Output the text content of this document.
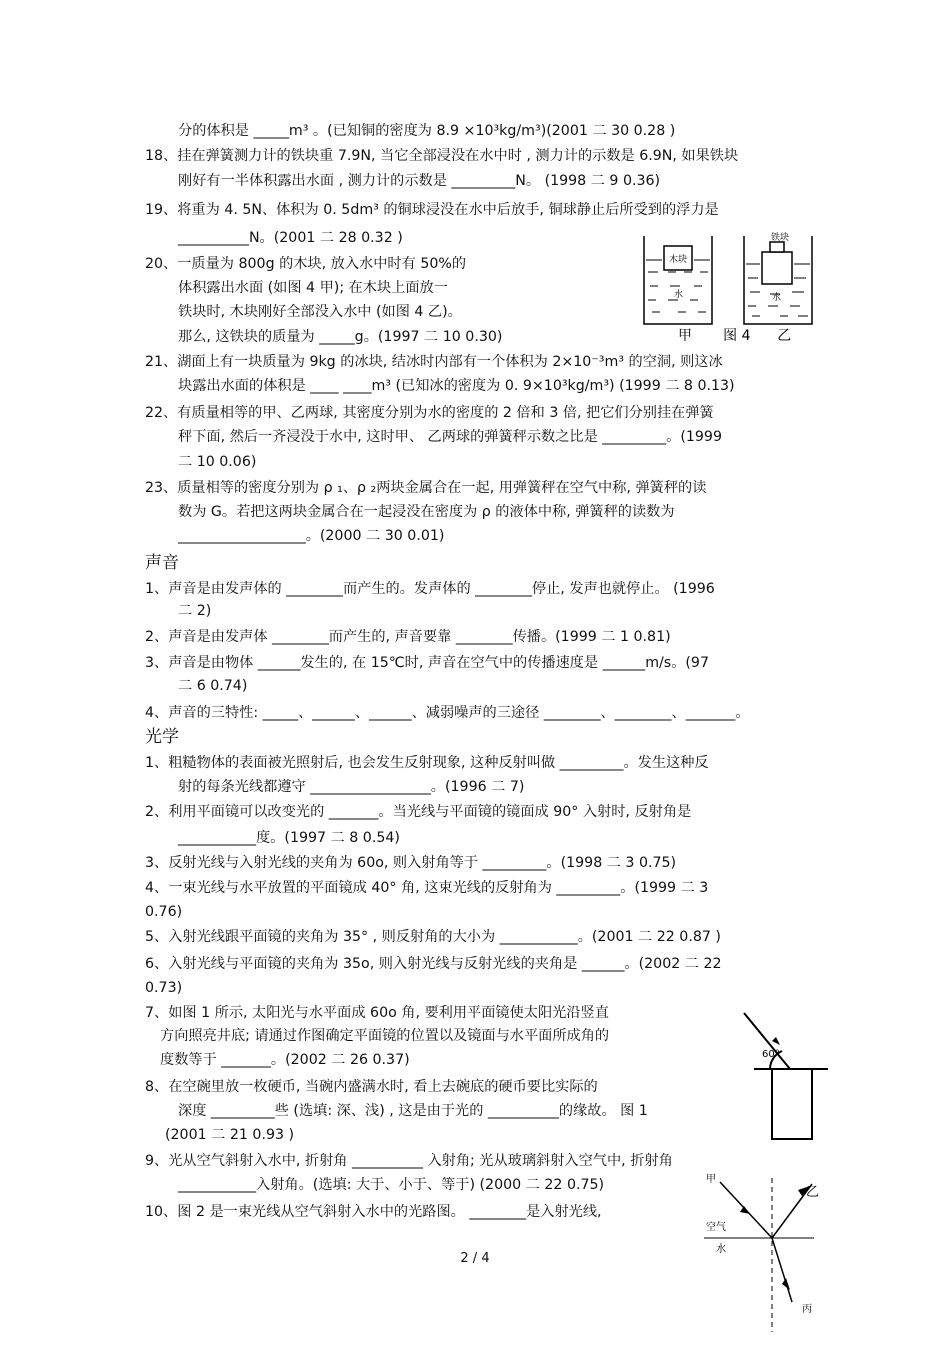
分的体积是 _____m³ 。(已知铜的密度为 8.9 ×10³kg/m³)(2001 二 30 0.28 )
18、挂在弹簧测力计的铁块重 7.9N, 当它全部浸没在水中时 , 测力计的示数是 6.9N, 如果铁块
刚好有一半体积露出水面 , 测力计的示数是 _________N。 (1998 二 9 0.36)
19、将重为 4. 5N、体积为 0. 5dm³ 的铜球浸没在水中后放手, 铜球静止后所受到的浮力是
__________N。(2001 二 28 0.32 )
20、一质量为 800g 的木块, 放入水中时有 50%的
体积露出水面 (如图 4 甲); 在木块上面放一
铁块时, 木块刚好全部没入水中 (如图 4 乙)。
那么, 这铁块的质量为 _____g。(1997 二 10 0.30)
21、湖面上有一块质量为 9kg 的冰块, 结冰时内部有一个体积为 2×10⁻³m³ 的空洞, 则这冰
块露出水面的体积是 ____ ____m³ (已知冰的密度为 0. 9×10³kg/m³) (1999 二 8 0.13)
22、有质量相等的甲、乙两球, 其密度分别为水的密度的 2 倍和 3 倍, 把它们分别挂在弹簧
秤下面, 然后一齐浸没于水中, 这时甲、 乙两球的弹簧秤示数之比是 _________。(1999
二 10 0.06)
23、质量相等的密度分别为 ρ ₁、ρ ₂两块金属合在一起, 用弹簧秤在空气中称, 弹簧秤的读
数为 G。若把这两块金属合在一起浸没在密度为 ρ 的液体中称, 弹簧秤的读数为
__________________。(2000 二 30 0.01)
1、声音是由发声体的 ________而产生的。发声体的 ________停止, 发声也就停止。 (1996
二 2)
2、声音是由发声体 ________而产生的, 声音要靠 ________传播。(1999 二 1 0.81)
3、声音是由物体 ______发生的, 在 15℃时, 声音在空气中的传播速度是 ______m/s。(97
二 6 0.74)
4、声音的三特性: _____、______、______、减弱噪声的三途径 ________、________、_______。
1、粗糙物体的表面被光照射后, 也会发生反射现象, 这种反射叫做 _________。发生这种反
射的每条光线都遵守 _________________。(1996 二 7)
2、利用平面镜可以改变光的 _______。当光线与平面镜的镜面成 90° 入射时, 反射角是
___________度。(1997 二 8 0.54)
3、反射光线与入射光线的夹角为 60o, 则入射角等于 _________。(1998 二 3 0.75)
4、一束光线与水平放置的平面镜成 40° 角, 这束光线的反射角为 _________。(1999 二 3
0.76)
5、入射光线跟平面镜的夹角为 35° , 则反射角的大小为 ___________。(2001 二 22 0.87 )
6、入射光线与平面镜的夹角为 35o, 则入射光线与反射光线的夹角是 ______。(2002 二 22
0.73)
7、如图 1 所示, 太阳光与水平面成 60o 角, 要利用平面镜使太阳光沿竖直
方向照亮井底; 请通过作图确定平面镜的位置以及镜面与水平面所成角的
度数等于 _______。(2002 二 26 0.37)
8、在空碗里放一枚硬币, 当碗内盛满水时, 看上去碗底的硬币要比实际的
深度 _________些 (选填: 深、浅) , 这是由于光的 __________的缘故。 图 1
(2001 二 21 0.93 )
9、光从空气斜射入水中, 折射角 __________ 入射角; 光从玻璃斜射入空气中, 折射角
___________入射角。(选填: 大于、小于、等于) (2000 二 22 0.75)
10、图 2 是一束光线从空气斜射入水中的光路图。 ________是入射光线,
声音
光学
木块
铁块
水	水
甲       图 4      乙
60°
甲
乙
空气
水
丙
2 / 4
